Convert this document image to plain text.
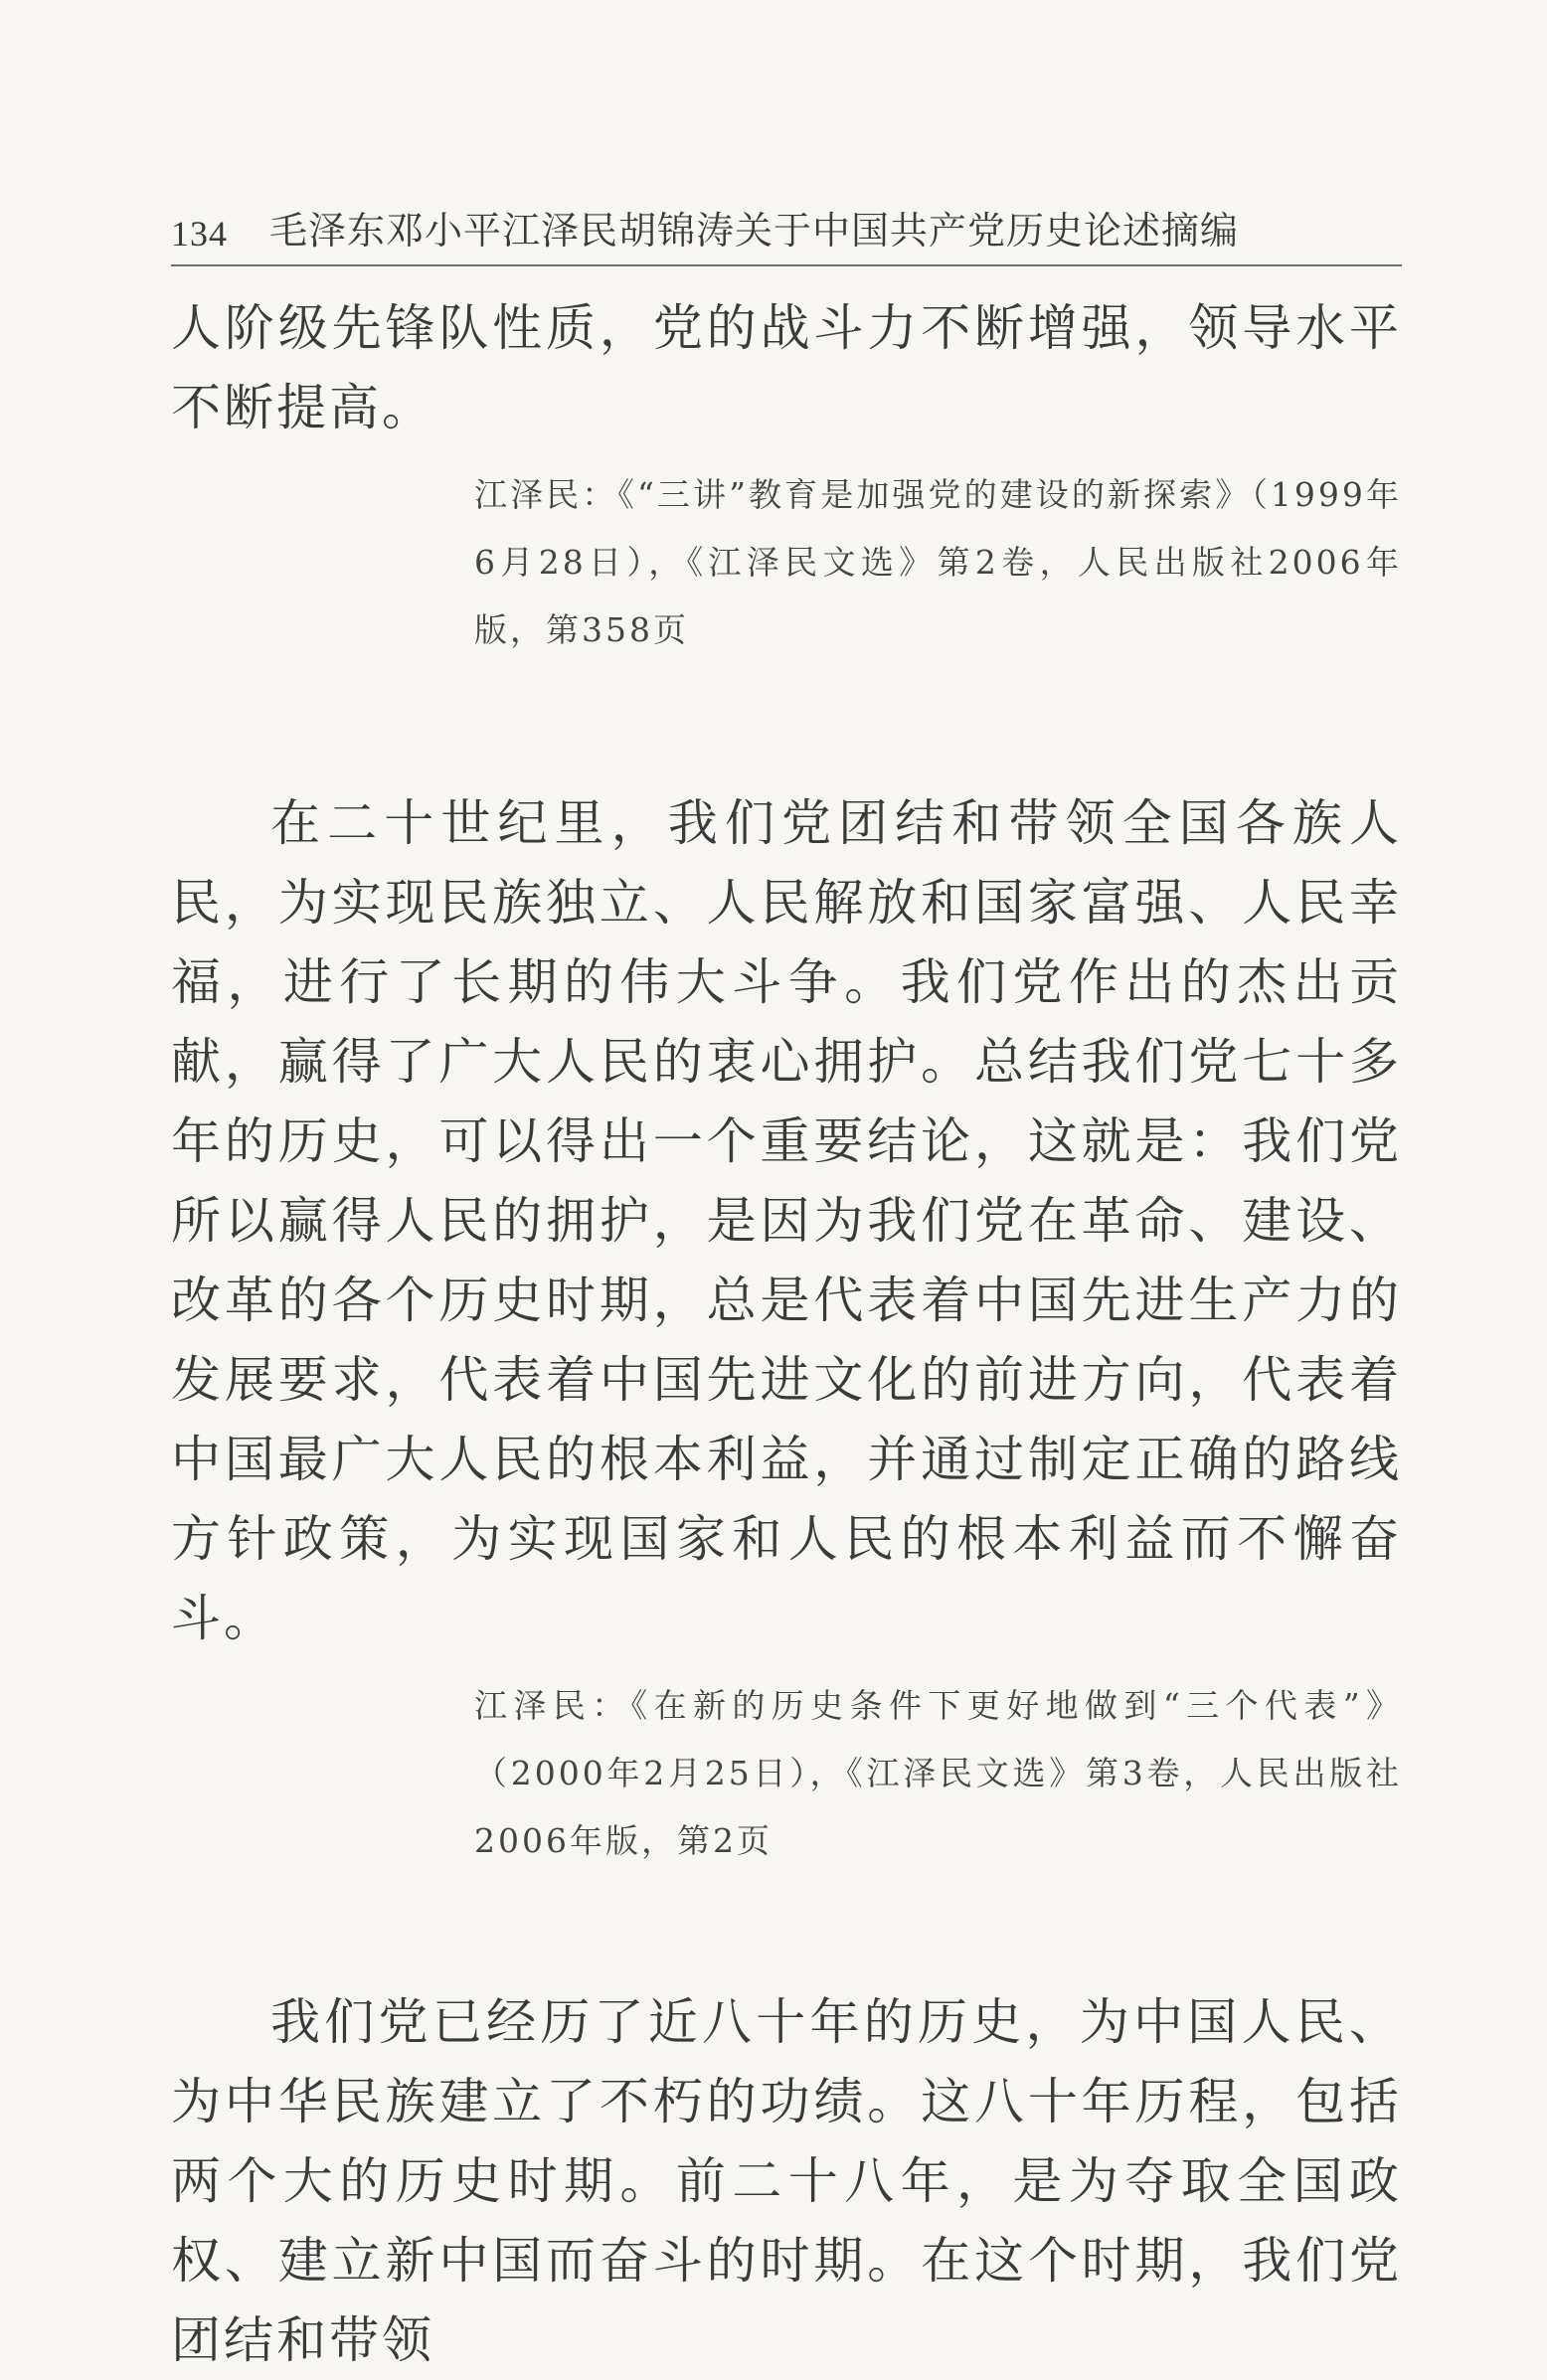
134 毛泽东邓小平江泽民胡锦涛关于中国共产党历史论述摘编

人阶级先锋队性质，党的战斗力不断增强，领导水平不断提高。

江泽民：《“三讲”教育是加强党的建设的新探索》（1999年6月28日），《江泽民文选》第2卷，人民出版社2006年版，第358页

在二十世纪里，我们党团结和带领全国各族人民，为实现民族独立、人民解放和国家富强、人民幸福，进行了长期的伟大斗争。我们党作出的杰出贡献，赢得了广大人民的衷心拥护。总结我们党七十多年的历史，可以得出一个重要结论，这就是：我们党所以赢得人民的拥护，是因为我们党在革命、建设、改革的各个历史时期，总是代表着中国先进生产力的发展要求，代表着中国先进文化的前进方向，代表着中国最广大人民的根本利益，并通过制定正确的路线方针政策，为实现国家和人民的根本利益而不懈奋斗。

江泽民：《在新的历史条件下更好地做到“三个代表”》（2000年2月25日），《江泽民文选》第3卷，人民出版社2006年版，第2页

我们党已经历了近八十年的历史，为中国人民、为中华民族建立了不朽的功绩。这八十年历程，包括两个大的历史时期。前二十八年，是为夺取全国政权、建立新中国而奋斗的时期。在这个时期，我们党团结和带领
